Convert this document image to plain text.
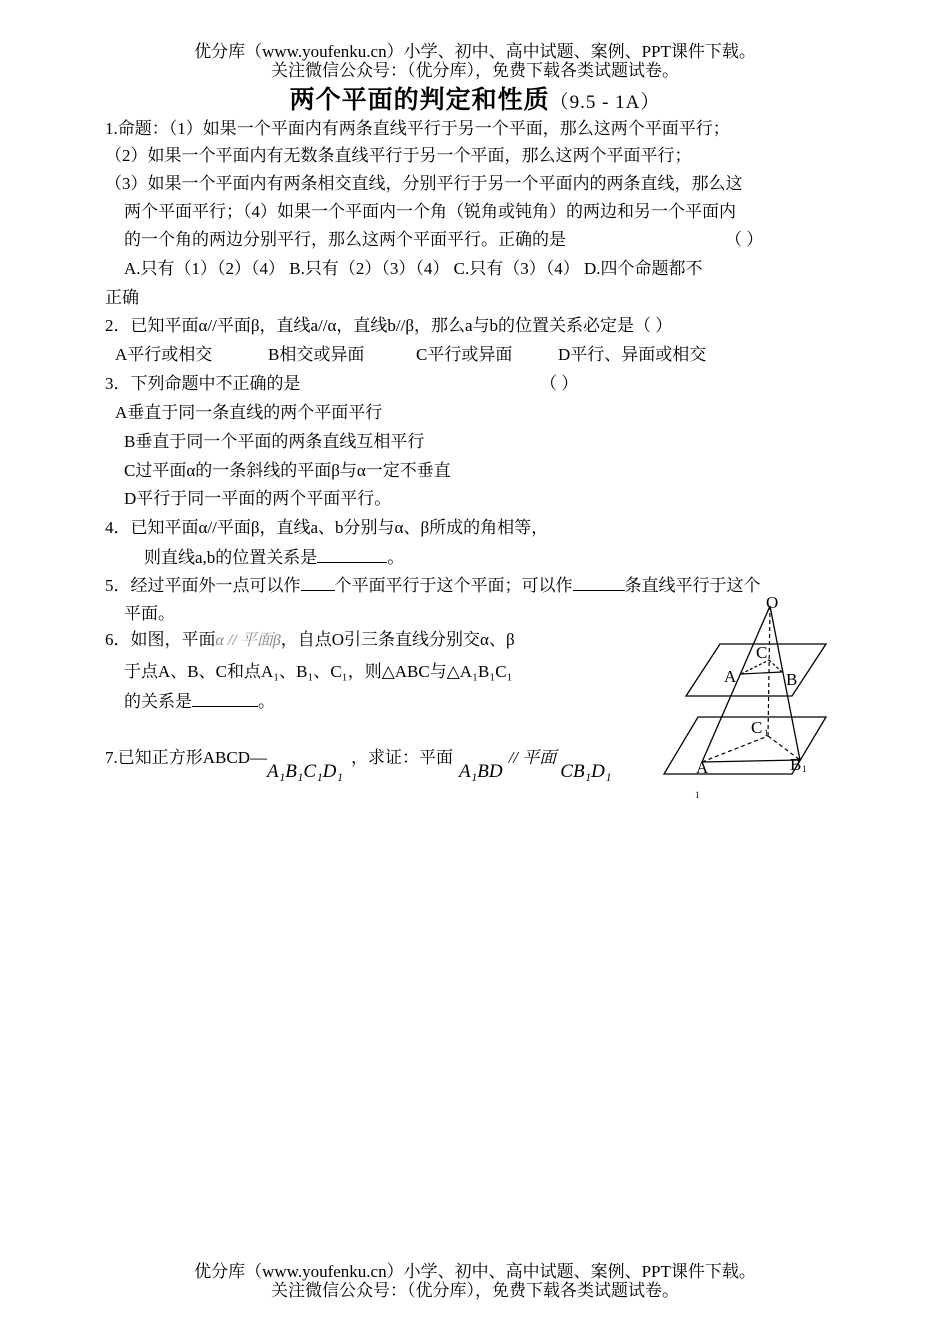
优分库（www.youfenku.cn）小学、初中、高中试题、案例、PPT课件下载。
关注微信公众号：（优分库），免费下载各类试题试卷。
两个平面的判定和性质（9.5 - 1A）
1.命题：（1）如果一个平面内有两条直线平行于另一个平面，那么这两个平面平行；
（2）如果一个平面内有无数条直线平行于另一个平面，那么这两个平面平行；
（3）如果一个平面内有两条相交直线，分别平行于另一个平面内的两条直线，那么这
两个平面平行；（4）如果一个平面内一个角（锐角或钝角）的两边和另一个平面内
的一个角的两边分别平行，那么这两个平面平行。正确的是	（ ）
A.只有（1）（2）（4） B.只有（2）（3）（4） C.只有（3）（4） D.四个命题都不
正确
2．已知平面α//平面β，直线a//α，直线b//β，那么a与b的位置关系必定是（ ）
A平行或相交	B相交或异面	C平行或异面	D平行、异面或相交
3．下列命题中不正确的是	（ ）
A垂直于同一条直线的两个平面平行
B垂直于同一个平面的两条直线互相平行
C过平面α的一条斜线的平面β与α一定不垂直
D平行于同一平面的两个平面平行。
4．已知平面α//平面β，直线a、b分别与α、β所成的角相等，
则直线a,b的位置关系是	。
5．经过平面外一点可以作 个平面平行于这个平面；可以作	条直线平行于这个
平面。
6．如图，平面α // 平面β，自点O引三条直线分别交α、β
于点A、B、C和点A₁、B₁、C₁，则△ABC与△A₁B₁C₁
的关系是	。
7.已知正方形ABCD—A₁B₁C₁D₁，求证：平面A₁BD// 平面CB₁D₁
O
C
A	B
C 1
A	B 1
1
优分库（www.youfenku.cn）小学、初中、高中试题、案例、PPT课件下载。
关注微信公众号：（优分库），免费下载各类试题试卷。
